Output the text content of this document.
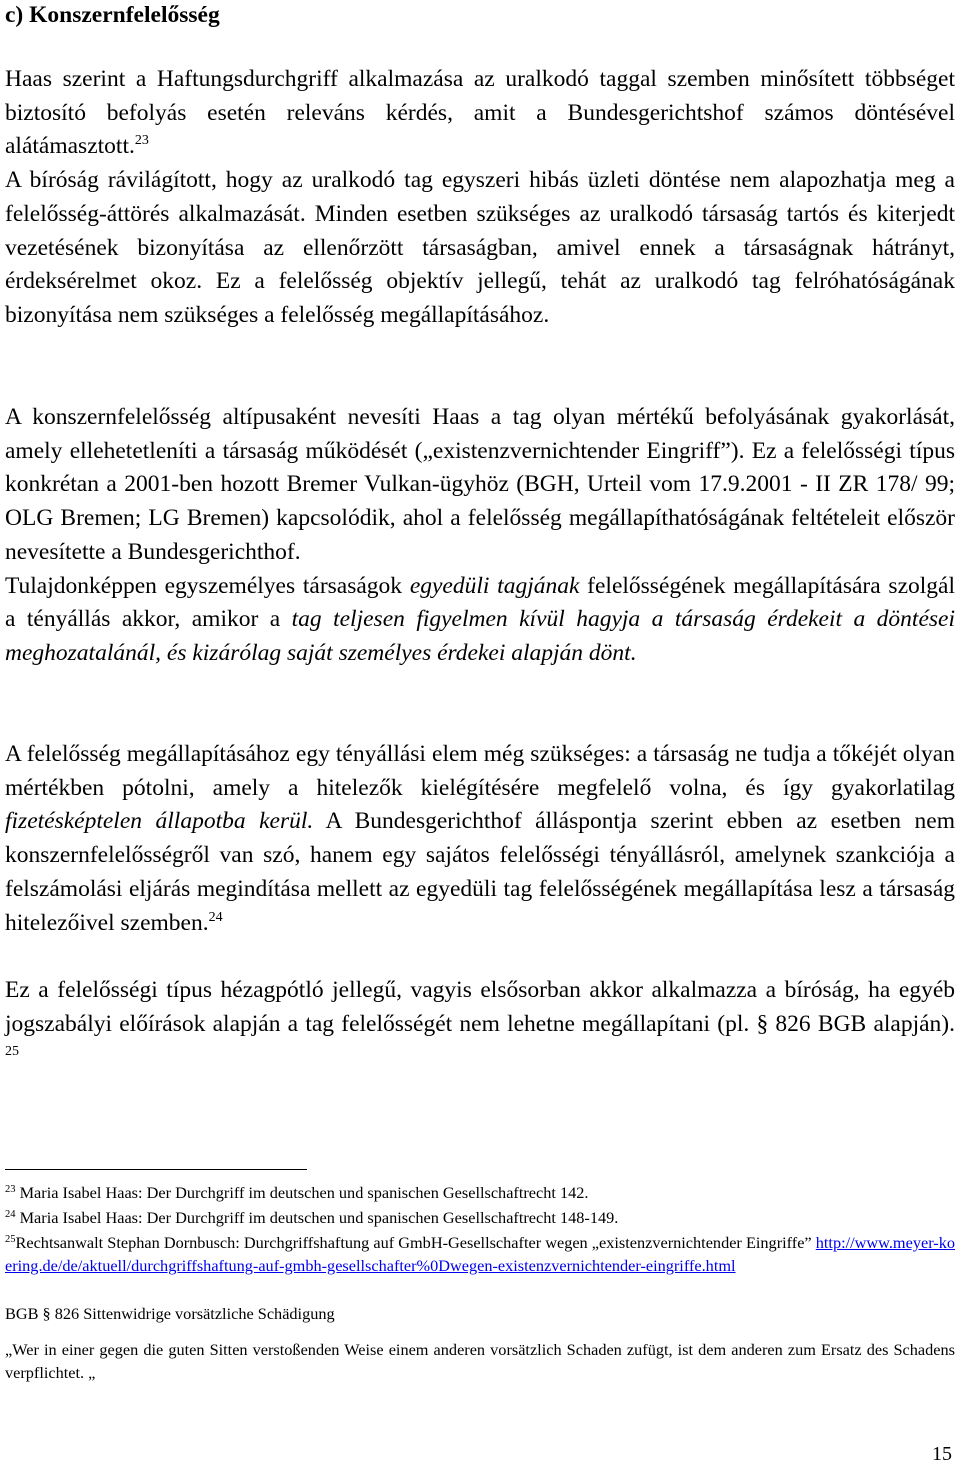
c) Konszernfelelősség

Haas szerint a Haftungsdurchgriff alkalmazása az uralkodó taggal szemben minősített többséget biztosító befolyás esetén releváns kérdés, amit a Bundesgerichtshof számos döntésével alátámasztott.$^{23}$
A bíróság rávilágított, hogy az uralkodó tag egyszeri hibás üzleti döntése nem alapozhatja meg a felelősség-áttörés alkalmazását. Minden esetben szükséges az uralkodó társaság tartós és kiterjedt vezetésének bizonyítása az ellenőrzött társaságban, amivel ennek a társaságnak hátrányt, érdeksérelmet okoz. Ez a felelősség objektív jellegű, tehát az uralkodó tag felróhatóságának bizonyítása nem szükséges a felelősség megállapításához.

A konszernfelelősség altípusaként nevesíti Haas a tag olyan mértékű befolyásának gyakorlását, amely ellehetetleníti a társaság működését („existenzvernichtender Eingriff”). Ez a felelősségi típus konkrétan a 2001-ben hozott Bremer Vulkan-ügyhöz (BGH, Urteil vom 17.9.2001 - II ZR 178/ 99; OLG Bremen; LG Bremen) kapcsolódik, ahol a felelősség megállapíthatóságának feltételeit először nevesítette a Bundesgerichthof.
Tulajdonképpen egyszemélyes társaságok egyedüli tagjának felelősségének megállapítására szolgál a tényállás akkor, amikor a tag teljesen figyelmen kívül hagyja a társaság érdekeit a döntései meghozatalánál, és kizárólag saját személyes érdekei alapján dönt.

A felelősség megállapításához egy tényállási elem még szükséges: a társaság ne tudja a tőkéjét olyan mértékben pótolni, amely a hitelezők kielégítésére megfelelő volna, és így gyakorlatilag fizetésképtelen állapotba kerül. A Bundesgerichthof álláspontja szerint ebben az esetben nem konszernfelelősségről van szó, hanem egy sajátos felelősségi tényállásról, amelynek szankciója a felszámolási eljárás megindítása mellett az egyedüli tag felelősségének megállapítása lesz a társaság hitelezőivel szemben.$^{24}$

Ez a felelősségi típus hézagpótló jellegű, vagyis elsősorban akkor alkalmazza a bíróság, ha egyéb jogszabályi előírások alapján a tag felelősségét nem lehetne megállapítani (pl. § 826 BGB alapján). $^{25}$

$^{23}$ Maria Isabel Haas: Der Durchgriff im deutschen und spanischen Gesellschaftrecht 142.

$^{24}$ Maria Isabel Haas: Der Durchgriff im deutschen und spanischen Gesellschaftrecht 148-149.

$^{25}$Rechtsanwalt Stephan Dornbusch: Durchgriffshaftung auf GmbH-Gesellschafter wegen „existenzvernichtender Eingriffe” http://www.meyer-koering.de/de/aktuell/durchgriffshaftung-auf-gmbh-gesellschafter%0Dwegen-existenzvernichtender-eingriffe.html

BGB § 826 Sittenwidrige vorsätzliche Schädigung

„Wer in einer gegen die guten Sitten verstoßenden Weise einem anderen vorsätzlich Schaden zufügt, ist dem anderen zum Ersatz des Schadens verpflichtet. „

15
